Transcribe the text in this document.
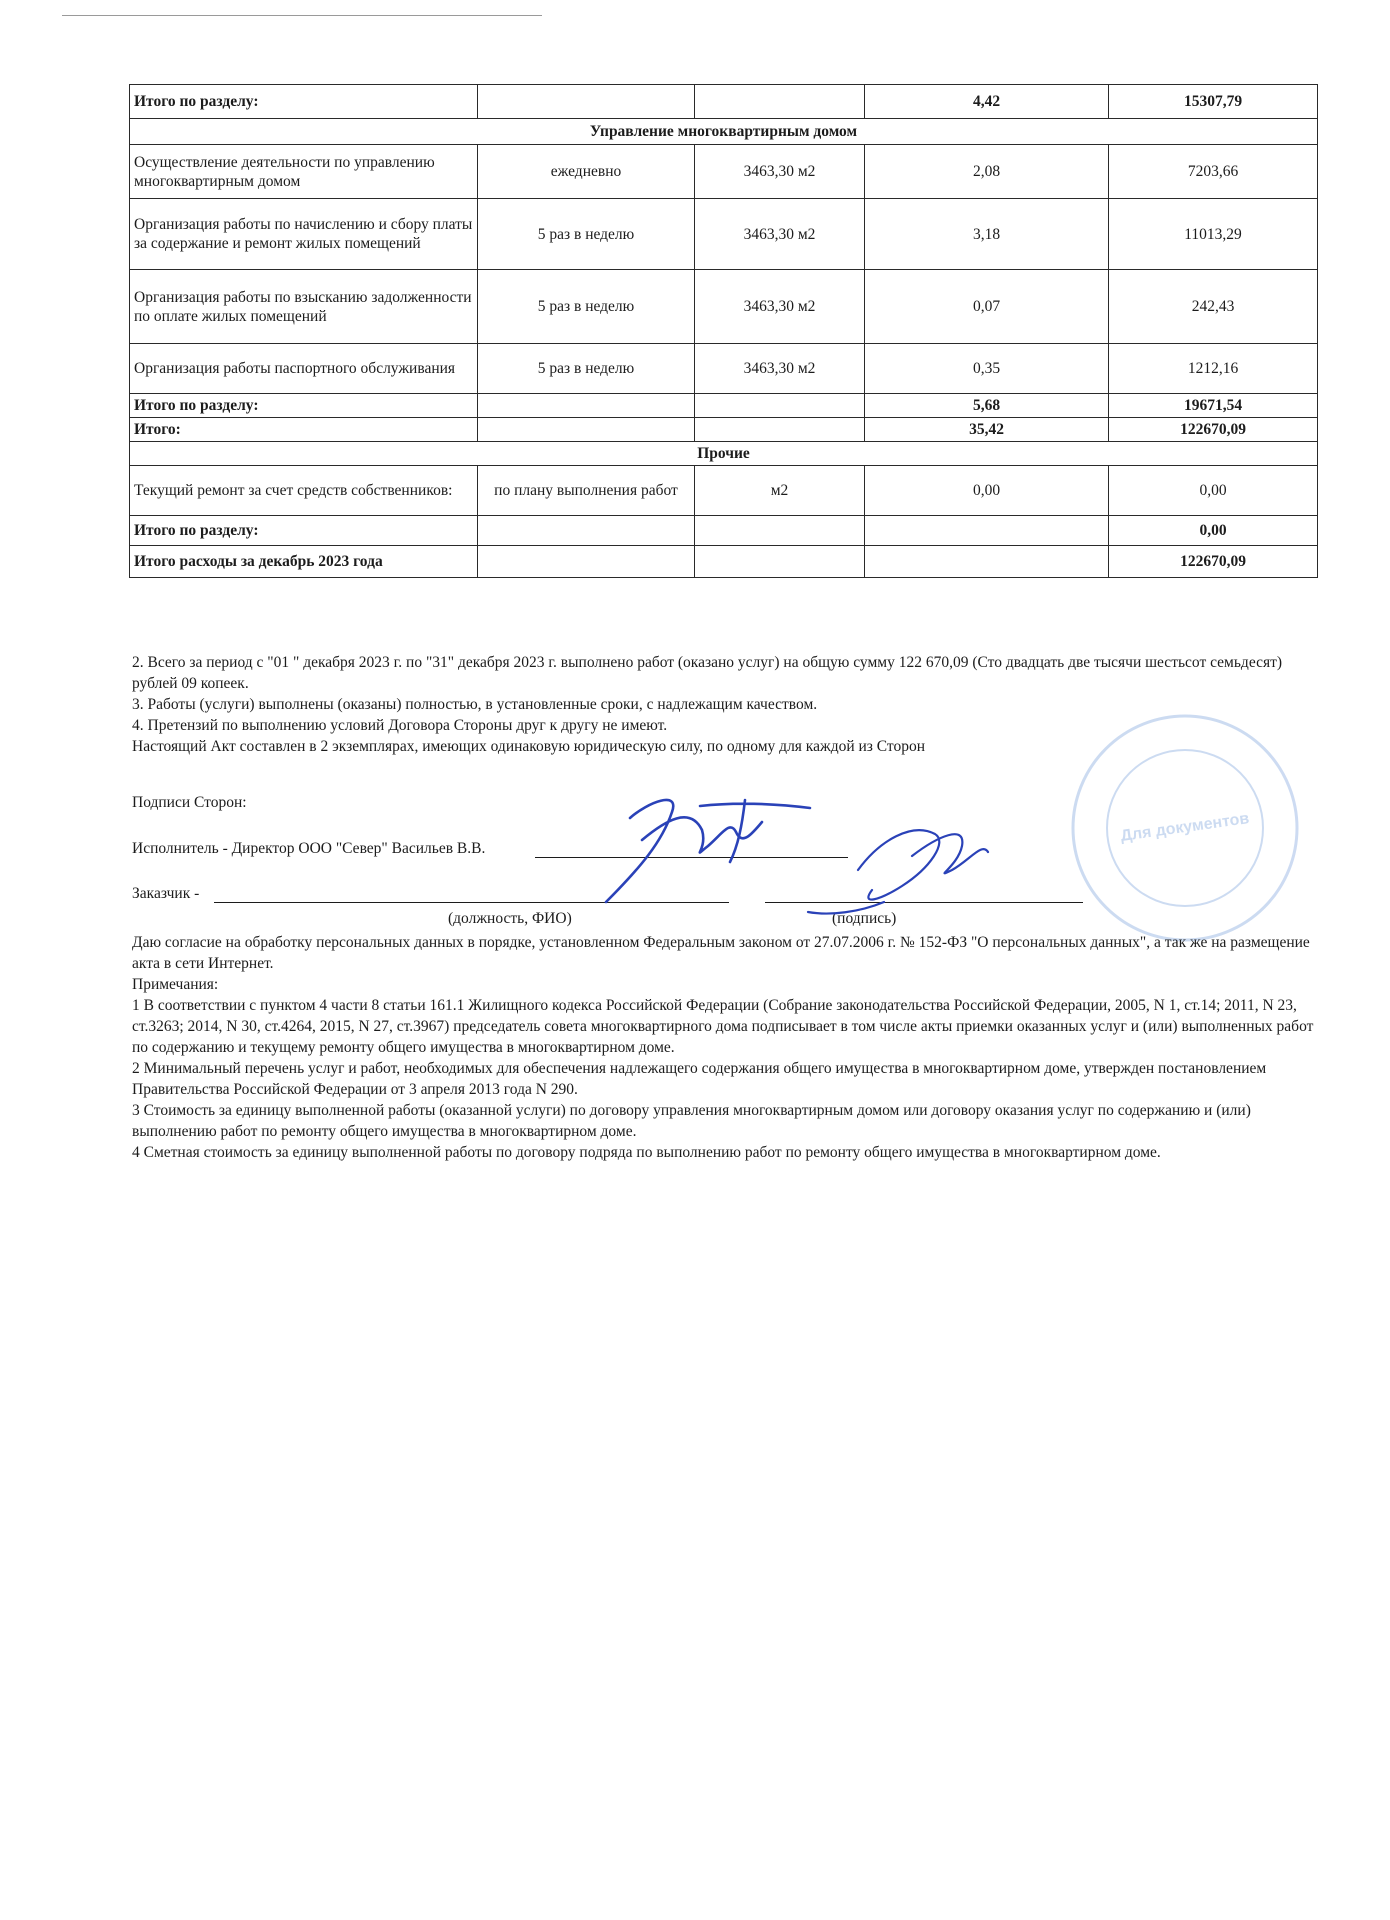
Итого по разделу:			4,42	15307,79
Управление многоквартирным домом				
Осуществление деятельности по управлению многоквартирным домом	ежедневно	3463,30 м2	2,08	7203,66
Организация работы по начислению и сбору платы за содержание и ремонт жилых помещений	5 раз в неделю	3463,30 м2	3,18	11013,29
Организация работы по взысканию задолженности по оплате жилых помещений	5 раз в неделю	3463,30 м2	0,07	242,43
Организация работы паспортного обслуживания	5 раз в неделю	3463,30 м2	0,35	1212,16
Итого по разделу:			5,68	19671,54
Итого:			35,42	122670,09
Прочие				
Текущий ремонт за счет средств собственников:	по плану выполнения работ	м2	0,00	0,00
Итого по разделу:				0,00
Итого расходы за декабрь 2023 года				122670,09

2. Всего за период с "01 " декабря 2023 г. по "31" декабря 2023 г. выполнено работ (оказано услуг) на общую сумму 122 670,09 (Сто двадцать две тысячи шестьсот семьдесят) рублей 09 копеек.

3. Работы (услуги) выполнены (оказаны) полностью, в установленные сроки, с надлежащим качеством.

4. Претензий по выполнению условий Договора Стороны друг к другу не имеют.

Настоящий Акт составлен в 2 экземплярах, имеющих одинаковую юридическую силу, по одному для каждой из Сторон

Подписи Сторон:
Исполнитель - Директор ООО "Север" Васильев В.В.
Заказчик -
(должность, ФИО)	(подпись)
Для документов

Даю согласие на обработку персональных данных в порядке, установленном Федеральным законом от 27.07.2006 г. № 152-ФЗ "О персональных данных", а так же на размещение акта в сети Интернет.

Примечания:

1 В соответствии с пунктом 4 части 8 статьи 161.1 Жилищного кодекса Российской Федерации (Собрание законодательства Российской Федерации, 2005, N 1, ст.14; 2011, N 23, ст.3263; 2014, N 30, ст.4264, 2015, N 27, ст.3967) председатель совета многоквартирного дома подписывает в том числе акты приемки оказанных услуг и (или) выполненных работ по содержанию и текущему ремонту общего имущества в многоквартирном доме.

2 Минимальный перечень услуг и работ, необходимых для обеспечения надлежащего содержания общего имущества в многоквартирном доме, утвержден постановлением Правительства Российской Федерации от 3 апреля 2013 года N 290.

3 Стоимость за единицу выполненной работы (оказанной услуги) по договору управления многоквартирным домом или договору оказания услуг по содержанию и (или) выполнению работ по ремонту общего имущества в многоквартирном доме.

4 Сметная стоимость за единицу выполненной работы по договору подряда по выполнению работ по ремонту общего имущества в многоквартирном доме.
